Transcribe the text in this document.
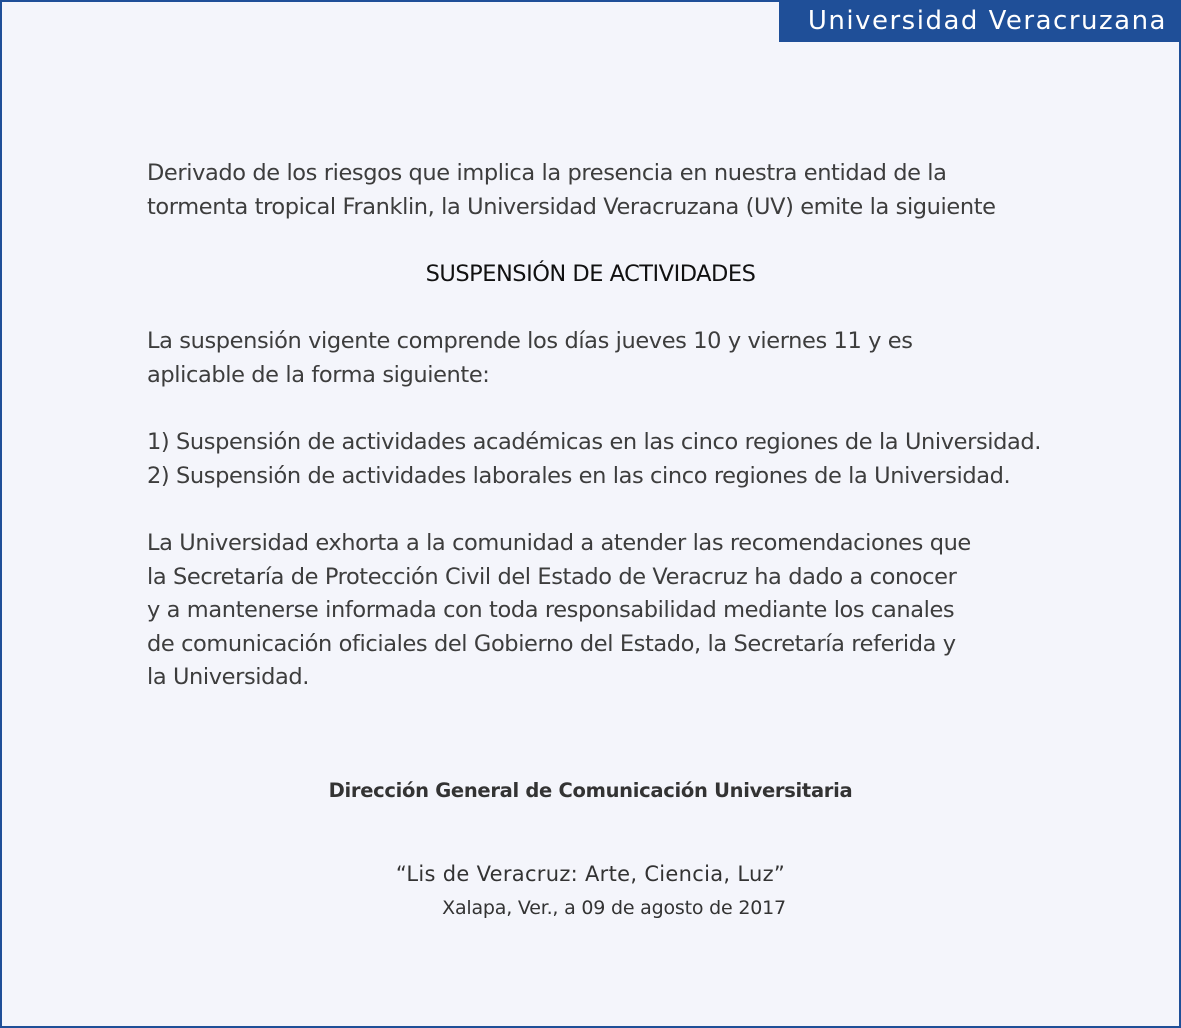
Universidad Veracruzana

Derivado de los riesgos que implica la presencia en nuestra entidad de la
tormenta tropical Franklin, la Universidad Veracruzana (UV) emite la siguiente

SUSPENSIÓN DE ACTIVIDADES

La suspensión vigente comprende los días jueves 10 y viernes 11 y es
aplicable de la forma siguiente:

1) Suspensión de actividades académicas en las cinco regiones de la Universidad.
2) Suspensión de actividades laborales en las cinco regiones de la Universidad.

La Universidad exhorta a la comunidad a atender las recomendaciones que
la Secretaría de Protección Civil del Estado de Veracruz ha dado a conocer
y a mantenerse informada con toda responsabilidad mediante los canales
de comunicación oficiales del Gobierno del Estado, la Secretaría referida y
la Universidad.

Dirección General de Comunicación Universitaria

“Lis de Veracruz: Arte, Ciencia, Luz”

Xalapa, Ver., a 09 de agosto de 2017
